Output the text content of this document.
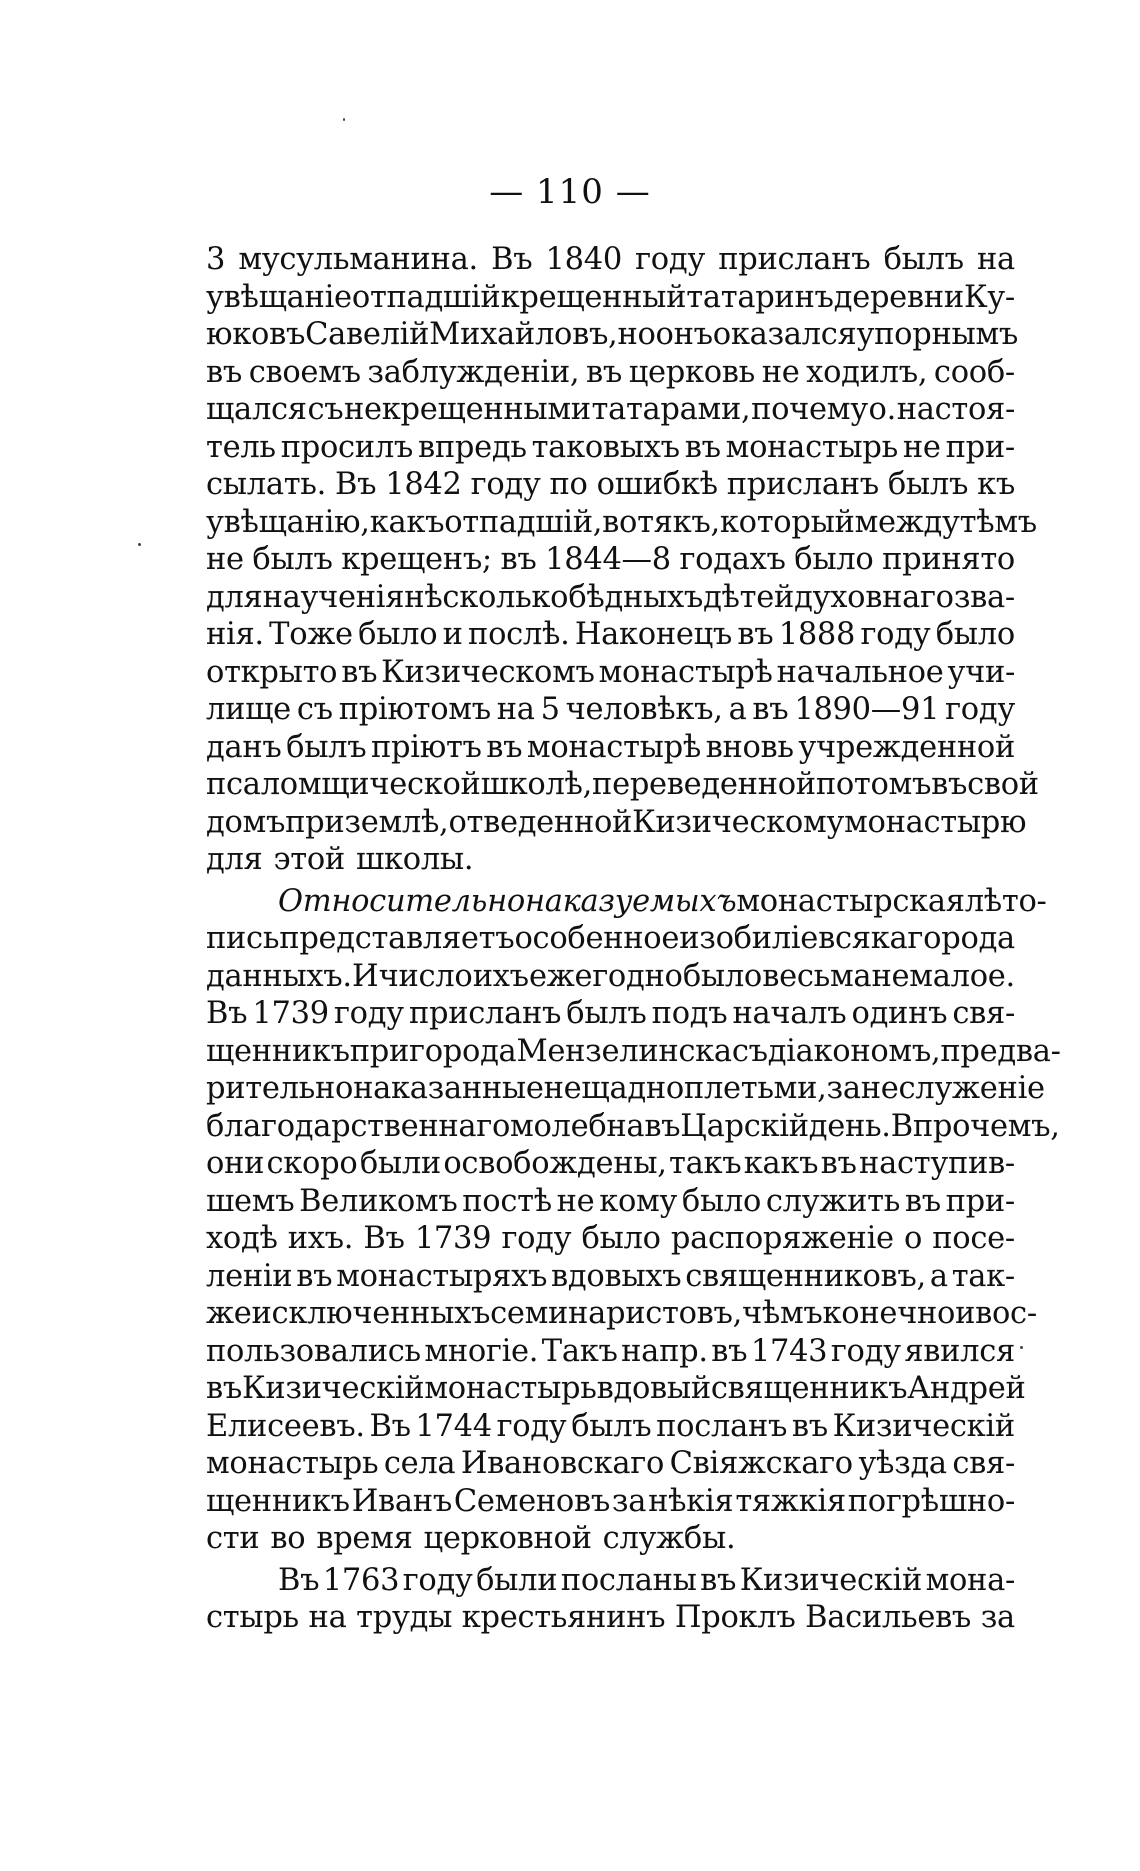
— 110 —
3 мусульманина. Въ 1840 году присланъ былъ на
увѣщаніе отпадшій крещенный татаринъ деревни Ку-
юковъ Савелій Михайловъ, но онъ оказался упорнымъ
въ своемъ заблужденіи, въ церковь не ходилъ, сооб-
щался съ некрещенными татарами, почему о. настоя-
тель просилъ впредь таковыхъ въ монастырь не при-
сылать. Въ 1842 году по ошибкѣ присланъ былъ къ
увѣщанію, какъ отпадшій, вотякъ, который между тѣмъ
не былъ крещенъ; въ 1844—8 годахъ было принято
для наученія нѣсколько бѣдныхъ дѣтей духовнаго зва-
нія. Тоже было и послѣ. Наконецъ въ 1888 году было
открыто въ Кизическомъ монастырѣ начальное учи-
лище съ пріютомъ на 5 человѣкъ, а въ 1890—91 году
данъ былъ пріютъ въ монастырѣ вновь учрежденной
псаломщической школѣ, переведенной потомъ въ свой
домъ при землѣ, отведенной Кизическому монастырю
для этой школы.
Относительно наказуемыхъ монастырская лѣто-
пись представляетъ особенное изобиліе всякаго рода
данныхъ. И число ихъ ежегодно было весьма немалое.
Въ 1739 году присланъ былъ подъ началъ одинъ свя-
щенникъ пригорода Мензелинска съ діакономъ, предва-
рительно наказанные нещадно плетьми, за неслуженіе
благодарственнаго молебна въ Царскій день. Впрочемъ,
они скоро были освобождены, такъ какъ въ наступив-
шемъ Великомъ постѣ не кому было служить въ при-
ходѣ ихъ. Въ 1739 году было распоряженіе о посе-
леніи въ монастыряхъ вдовыхъ священниковъ, а так-
же исключенныхъ семинаристовъ, чѣмъ конечно и вос-
пользовались многіе. Такъ напр. въ 1743 году явился
въ Кизическій монастырь вдовый священникъ Андрей
Елисеевъ. Въ 1744 году былъ посланъ въ Кизическій
монастырь села Ивановскаго Свіяжскаго уѣзда свя-
щенникъ Иванъ Семеновъ за нѣкія тяжкія погрѣшно-
сти во время церковной службы.
Въ 1763 году были посланы въ Кизическій мона-
стырь на труды крестьянинъ Проклъ Васильевъ за
